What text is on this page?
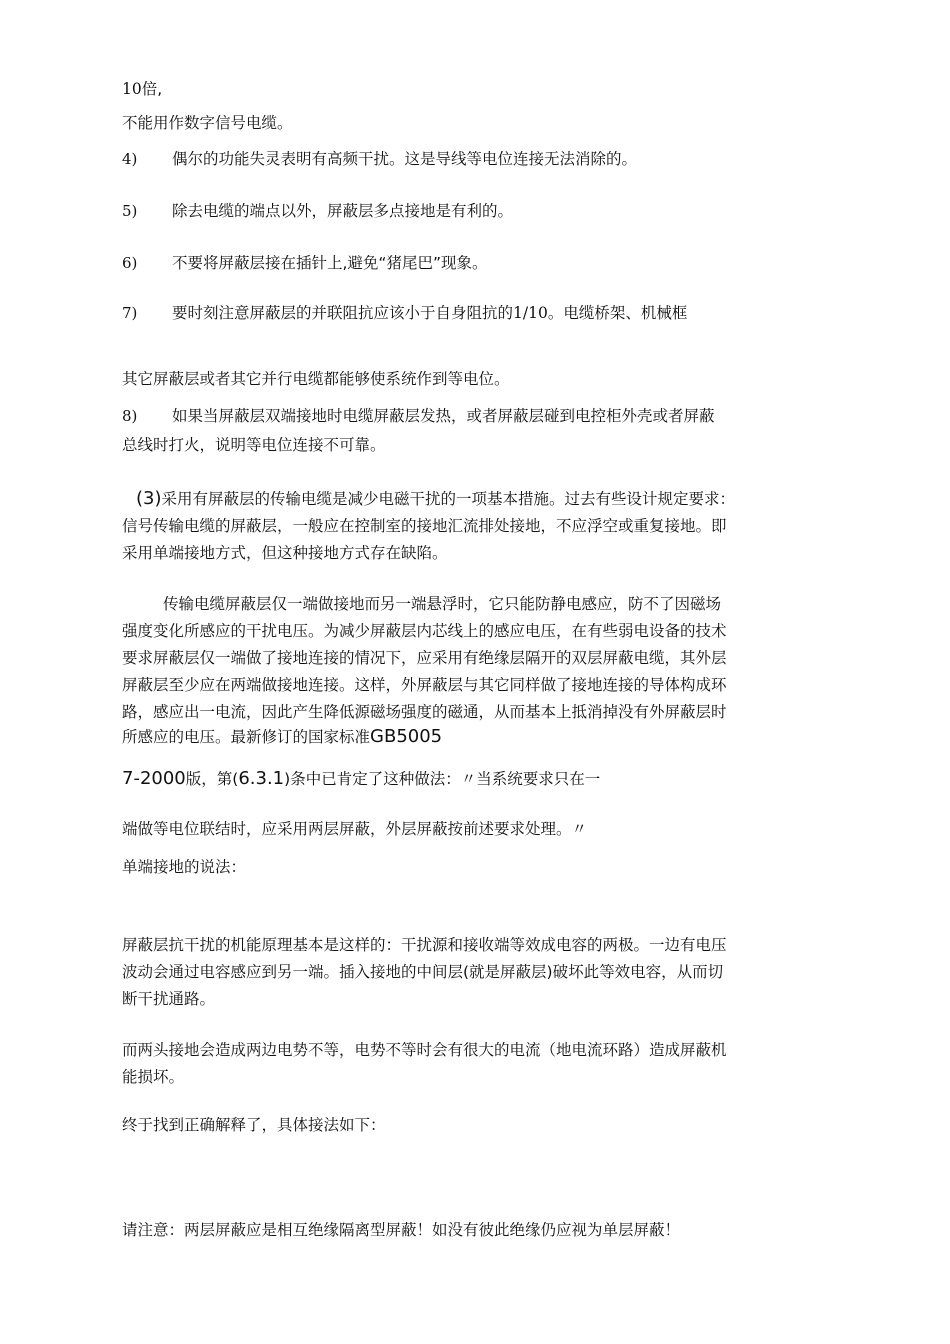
10倍,
不能用作数字信号电缆。
4) 偶尔的功能失灵表明有高频干扰。这是导线等电位连接无法消除的。
5) 除去电缆的端点以外，屏蔽层多点接地是有利的。
6) 不要将屏蔽层接在插针上,避免“猪尾巴”现象。
7) 要时刻注意屏蔽层的并联阻抗应该小于自身阻抗的1/10。电缆桥架、机械框
其它屏蔽层或者其它并行电缆都能够使系统作到等电位。
8) 如果当屏蔽层双端接地时电缆屏蔽层发热，或者屏蔽层碰到电控柜外壳或者屏蔽
总线时打火，说明等电位连接不可靠。
(3)采用有屏蔽层的传输电缆是减少电磁干扰的一项基本措施。过去有些设计规定要求：
信号传输电缆的屏蔽层，一般应在控制室的接地汇流排处接地，不应浮空或重复接地。即
采用单端接地方式，但这种接地方式存在缺陷。
传输电缆屏蔽层仅一端做接地而另一端悬浮时，它只能防静电感应，防不了因磁场
强度变化所感应的干扰电压。为减少屏蔽层内芯线上的感应电压，在有些弱电设备的技术
要求屏蔽层仅一端做了接地连接的情况下，应采用有绝缘层隔开的双层屏蔽电缆，其外层
屏蔽层至少应在两端做接地连接。这样，外屏蔽层与其它同样做了接地连接的导体构成环
路，感应出一电流，因此产生降低源磁场强度的磁通，从而基本上抵消掉没有外屏蔽层时
所感应的电压。最新修订的国家标准GB5005
7-2000版，第(6.3.1)条中已肯定了这种做法：〃当系统要求只在一
端做等电位联结时，应采用两层屏蔽，外层屏蔽按前述要求处理。〃
单端接地的说法：
屏蔽层抗干扰的机能原理基本是这样的：干扰源和接收端等效成电容的两极。一边有电压
波动会通过电容感应到另一端。插入接地的中间层(就是屏蔽层)破坏此等效电容，从而切
断干扰通路。
而两头接地会造成两边电势不等，电势不等时会有很大的电流（地电流环路）造成屏蔽机
能损坏。
终于找到正确解释了，具体接法如下：
请注意：两层屏蔽应是相互绝缘隔离型屏蔽！如没有彼此绝缘仍应视为单层屏蔽！
